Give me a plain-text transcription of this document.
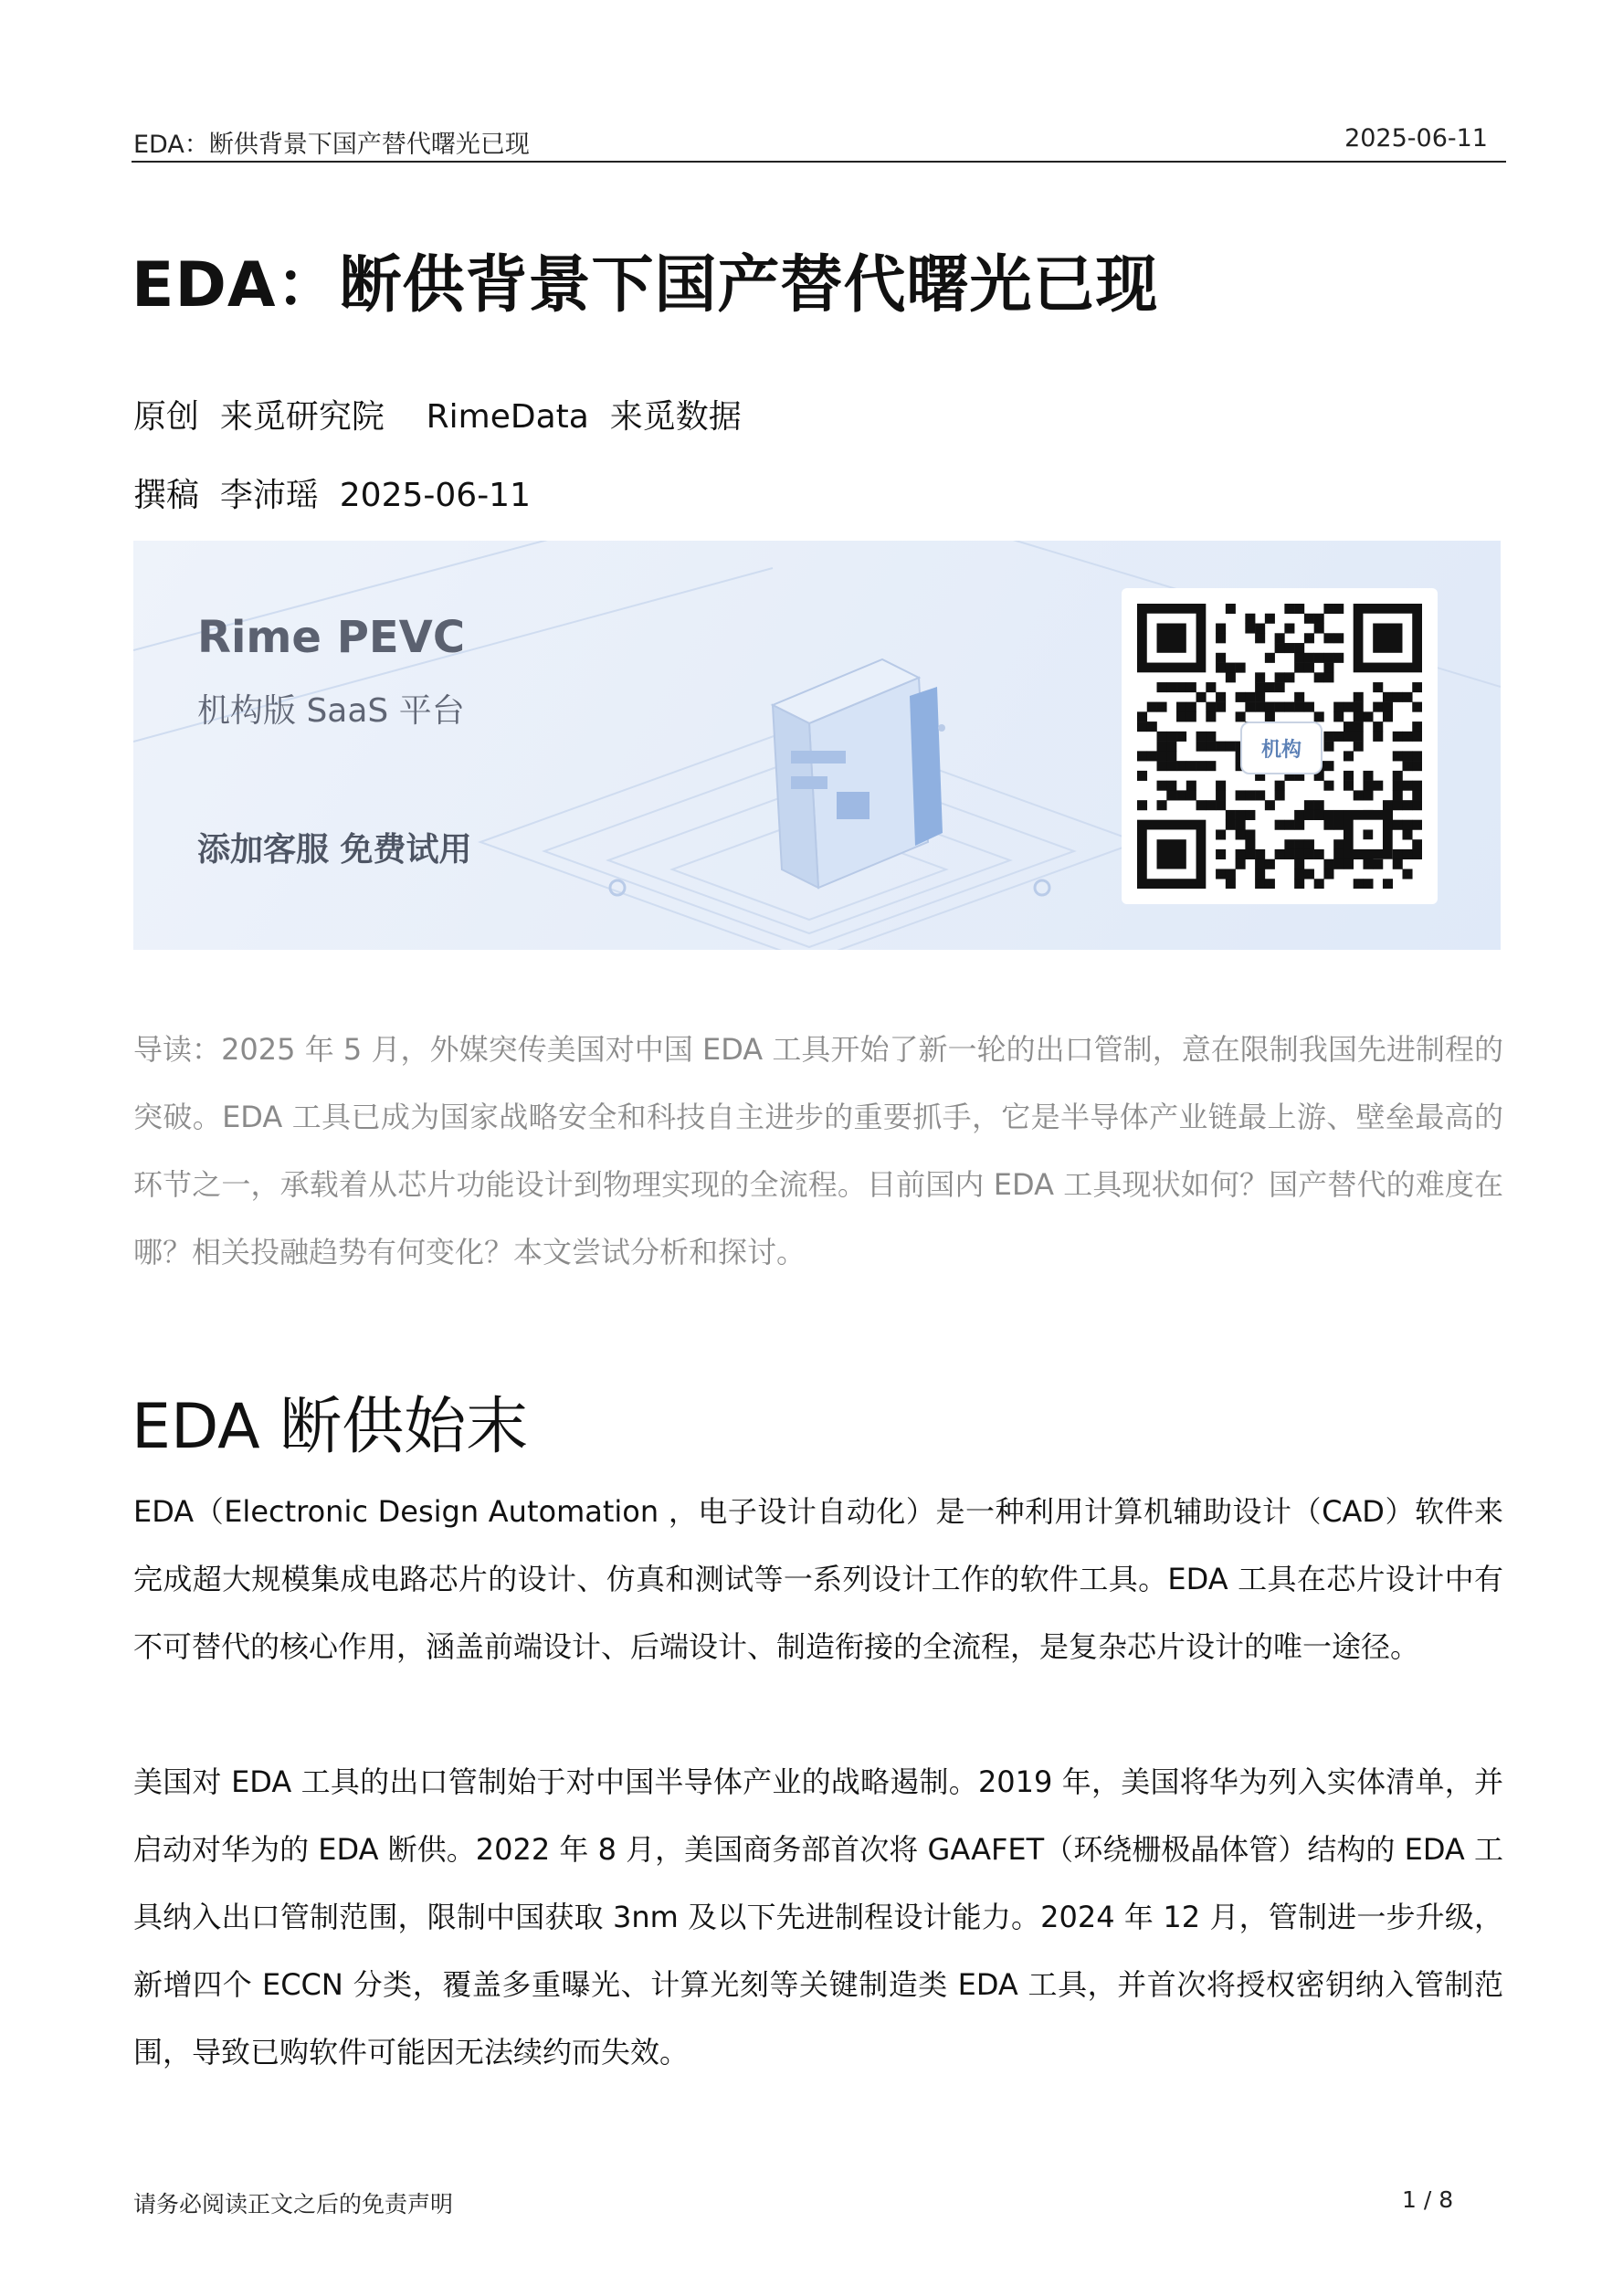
EDA：断供背景下国产替代曙光已现	2025-06-11
EDA：断供背景下国产替代曙光已现
原创  来觅研究院    RimeData  来觅数据
撰稿  李沛瑶  2025-06-11
Rime PEVC
机构版 SaaS 平台
添加客服 免费试用
机构
导读：2025 年 5 月，外媒突传美国对中国 EDA 工具开始了新一轮的出口管制，意在限制我国先进制程的突破。EDA 工具已成为国家战略安全和科技自主进步的重要抓手，它是半导体产业链最上游、壁垒最高的环节之一，承载着从芯片功能设计到物理实现的全流程。目前国内 EDA 工具现状如何？国产替代的难度在哪？相关投融趋势有何变化？本文尝试分析和探讨。
EDA 断供始末
EDA（Electronic Design Automation ，电子设计自动化）是一种利用计算机辅助设计（CAD）软件来完成超大规模集成电路芯片的设计、仿真和测试等一系列设计工作的软件工具。EDA 工具在芯片设计中有不可替代的核心作用，涵盖前端设计、后端设计、制造衔接的全流程，是复杂芯片设计的唯一途径。
美国对 EDA 工具的出口管制始于对中国半导体产业的战略遏制。2019 年，美国将华为列入实体清单，并启动对华为的 EDA 断供。2022 年 8 月，美国商务部首次将 GAAFET（环绕栅极晶体管）结构的 EDA 工具纳入出口管制范围，限制中国获取 3nm 及以下先进制程设计能力。2024 年 12 月，管制进一步升级，新增四个 ECCN 分类，覆盖多重曝光、计算光刻等关键制造类 EDA 工具，并首次将授权密钥纳入管制范围，导致已购软件可能因无法续约而失效。
请务必阅读正文之后的免责声明	1 / 8
